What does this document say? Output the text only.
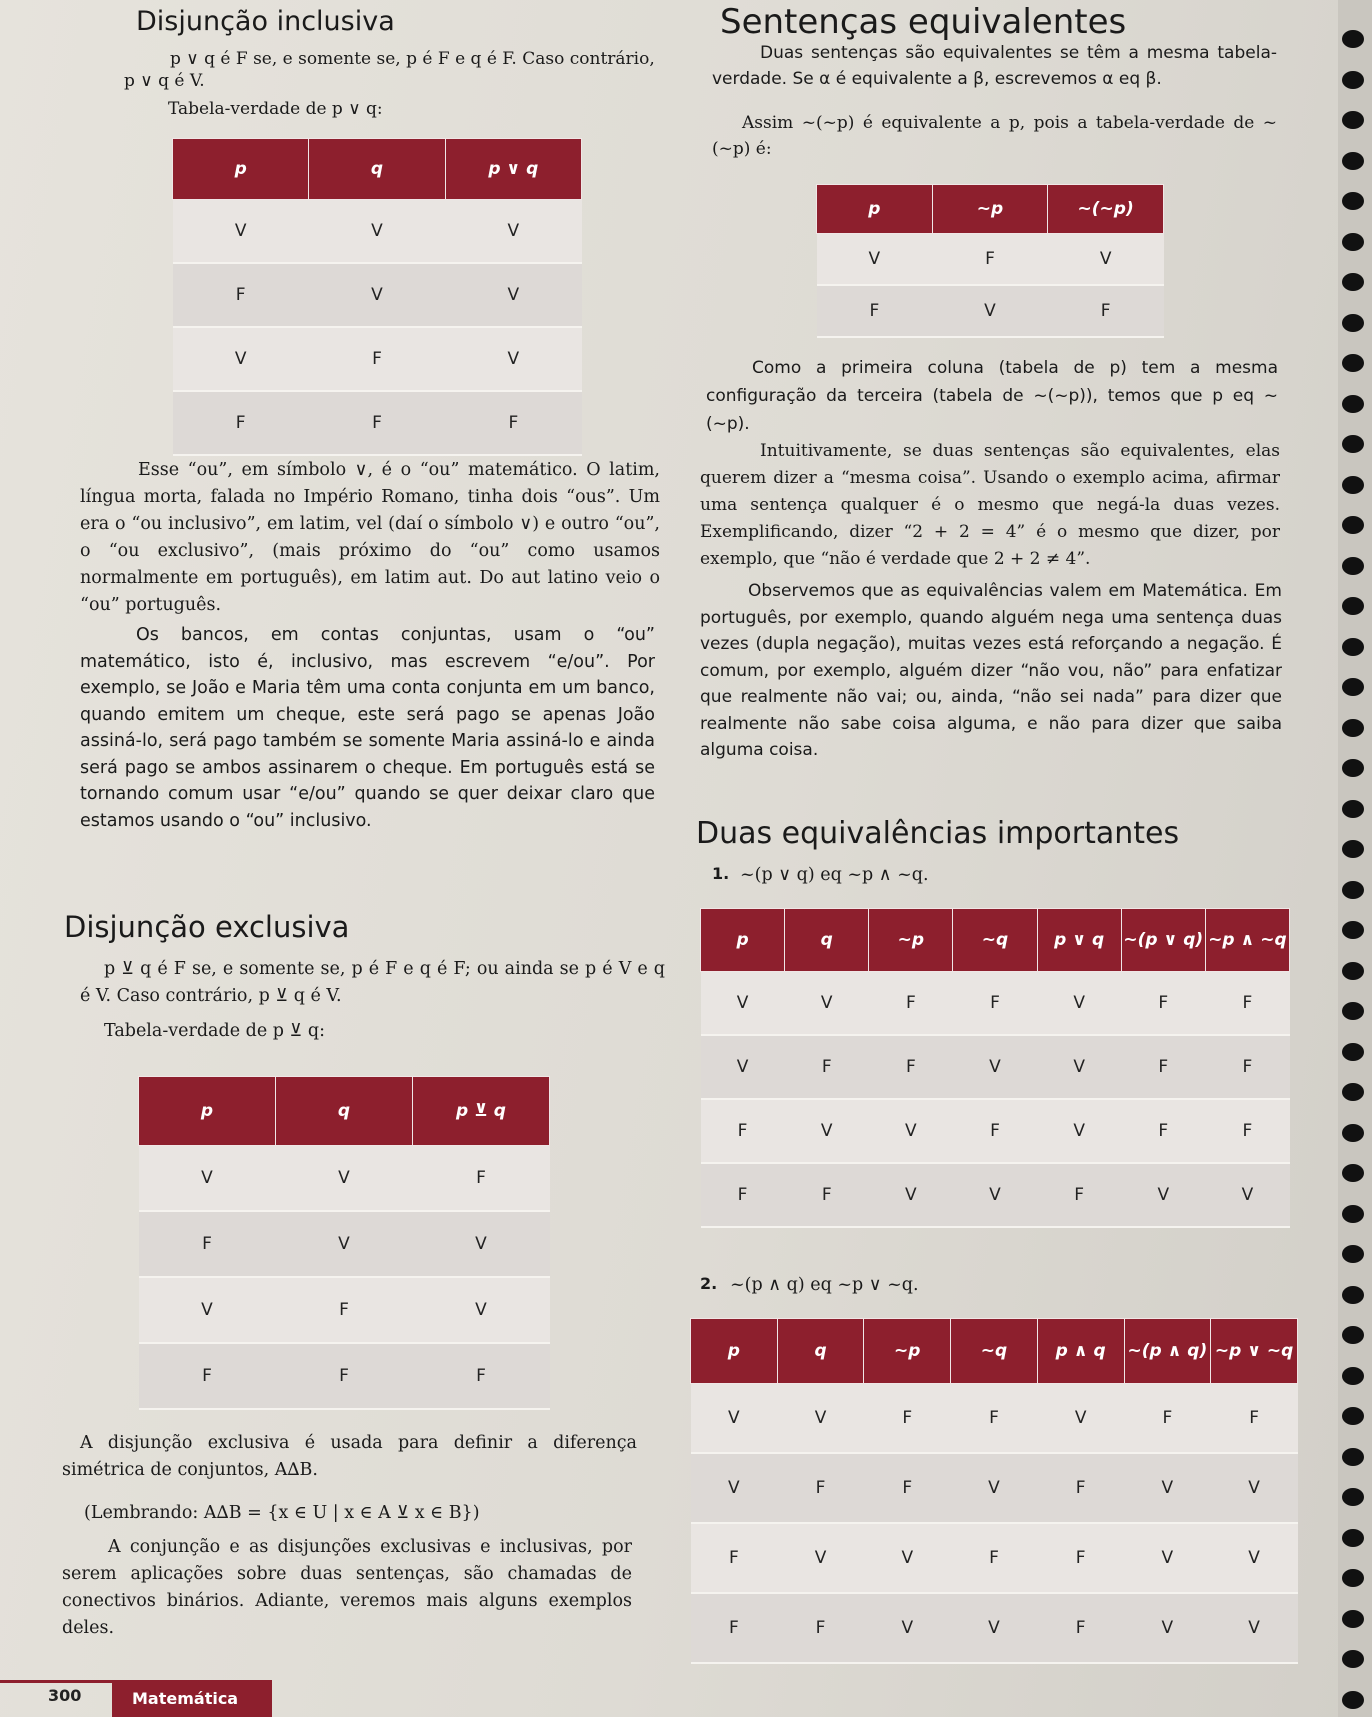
Disjunção inclusiva

p ∨ q é F se, e somente se, p é F e q é F. Caso contrário,

p ∨ q é V.

Tabela-verdade de p ∨ q:

p	q	p ∨ q
V	V	V
F	V	V
V	F	V
F	F	F

Esse “ou”, em símbolo ∨, é o “ou” matemático. O latim, língua morta, falada no Império Romano, tinha dois “ous”. Um era o “ou inclusivo”, em latim, vel (daí o símbolo ∨) e outro “ou”, o “ou exclusivo”, (mais próximo do “ou” como usamos normalmente em português), em latim aut. Do aut latino veio o “ou” português.

Os bancos, em contas conjuntas, usam o “ou” matemático, isto é, inclusivo, mas escrevem “e/ou”. Por exemplo, se João e Maria têm uma conta conjunta em um banco, quando emitem um cheque, este será pago se apenas João assiná-lo, será pago também se somente Maria assiná-lo e ainda será pago se ambos assinarem o cheque. Em português está se tornando comum usar “e/ou” quando se quer deixar claro que estamos usando o “ou” inclusivo.

Disjunção exclusiva

p ⊻ q é F se, e somente se, p é F e q é F; ou ainda se p é V e q é V. Caso contrário, p ⊻ q é V.

Tabela-verdade de p ⊻ q:

p	q	p ⊻ q
V	V	F
F	V	V
V	F	V
F	F	F

A disjunção exclusiva é usada para definir a diferença simétrica de conjuntos, A∆B.

(Lembrando: A∆B = {x ∈ U | x ∈ A ⊻ x ∈ B})

A conjunção e as disjunções exclusivas e inclusivas, por serem aplicações sobre duas sentenças, são chamadas de conectivos binários. Adiante, veremos mais alguns exemplos deles.

Sentenças equivalentes

Duas sentenças são equivalentes se têm a mesma tabela-verdade. Se α é equivalente a β, escrevemos α eq β.

Assim ~(~p) é equivalente a p, pois a tabela-verdade de ~(~p) é:

p	~p	~(~p)
V	F	V
F	V	F

Como a primeira coluna (tabela de p) tem a mesma configuração da terceira (tabela de ~(~p)), temos que p eq ~(~p).

Intuitivamente, se duas sentenças são equivalentes, elas querem dizer a “mesma coisa”. Usando o exemplo acima, afirmar uma sentença qualquer é o mesmo que negá-la duas vezes. Exemplificando, dizer “2 + 2 = 4” é o mesmo que dizer, por exemplo, que “não é verdade que 2 + 2 ≠ 4”.

Observemos que as equivalências valem em Matemática. Em português, por exemplo, quando alguém nega uma sentença duas vezes (dupla negação), muitas vezes está reforçando a negação. É comum, por exemplo, alguém dizer “não vou, não” para enfatizar que realmente não vai; ou, ainda, “não sei nada” para dizer que realmente não sabe coisa alguma, e não para dizer que saiba alguma coisa.

Duas equivalências importantes
1. ~(p ∨ q) eq ~p ∧ ~q.

p	q	~p	~q	p ∨ q	~(p ∨ q)	~p ∧ ~q
V	V	F	F	V	F	F
V	F	F	V	V	F	F
F	V	V	F	V	F	F
F	F	V	V	F	V	V
2. ~(p ∧ q) eq ~p ∨ ~q.

p	q	~p	~q	p ∧ q	~(p ∧ q)	~p ∨ ~q
V	V	F	F	V	F	F
V	F	F	V	F	V	V
F	V	V	F	F	V	V
F	F	V	V	F	V	V
300	Matemática
